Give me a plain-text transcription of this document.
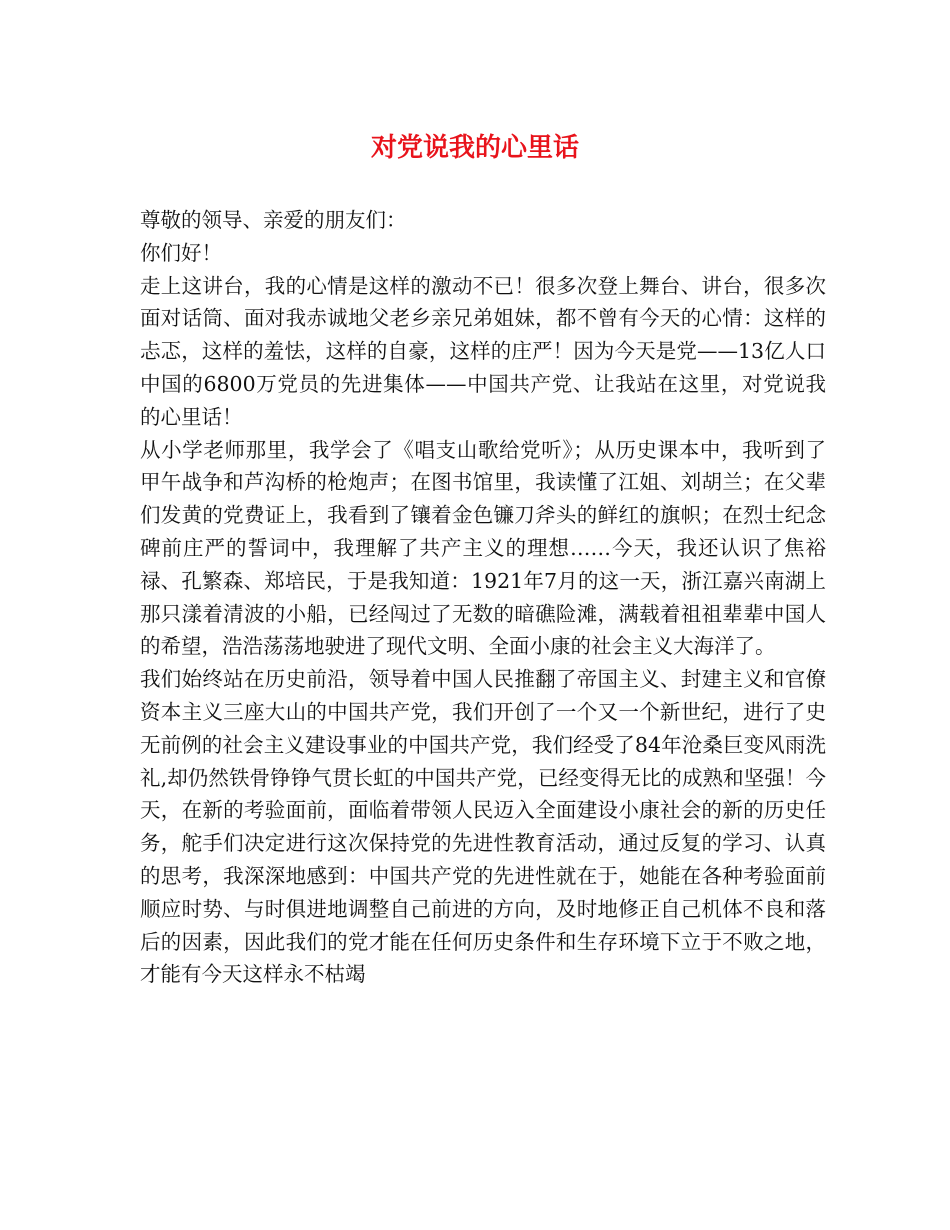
对党说我的心里话

尊敬的领导、亲爱的朋友们：

你们好！

走上这讲台，我的心情是这样的激动不已！很多次登上舞台、讲台，很多次面对话筒、面对我赤诚地父老乡亲兄弟姐妹，都不曾有今天的心情：这样的忐忑，这样的羞怯，这样的自豪，这样的庄严！因为今天是党——13亿人口中国的6800万党员的先进集体——中国共产党、让我站在这里，对党说我的心里话！

从小学老师那里，我学会了《唱支山歌给党听》；从历史课本中，我听到了甲午战争和芦沟桥的枪炮声；在图书馆里，我读懂了江姐、刘胡兰；在父辈们发黄的党费证上，我看到了镶着金色镰刀斧头的鲜红的旗帜；在烈士纪念碑前庄严的誓词中，我理解了共产主义的理想……今天，我还认识了焦裕禄、孔繁森、郑培民，于是我知道：1921年7月的这一天，浙江嘉兴南湖上那只漾着清波的小船，已经闯过了无数的暗礁险滩，满载着祖祖辈辈中国人的希望，浩浩荡荡地驶进了现代文明、全面小康的社会主义大海洋了。

我们始终站在历史前沿，领导着中国人民推翻了帝国主义、封建主义和官僚资本主义三座大山的中国共产党，我们开创了一个又一个新世纪，进行了史无前例的社会主义建设事业的中国共产党，我们经受了84年沧桑巨变风雨洗礼,却仍然铁骨铮铮气贯长虹的中国共产党，已经变得无比的成熟和坚强！今天，在新的考验面前，面临着带领人民迈入全面建设小康社会的新的历史任务，舵手们决定进行这次保持党的先进性教育活动，通过反复的学习、认真的思考，我深深地感到：中国共产党的先进性就在于，她能在各种考验面前顺应时势、与时俱进地调整自己前进的方向，及时地修正自己机体不良和落后的因素，因此我们的党才能在任何历史条件和生存环境下立于不败之地，才能有今天这样永不枯竭
